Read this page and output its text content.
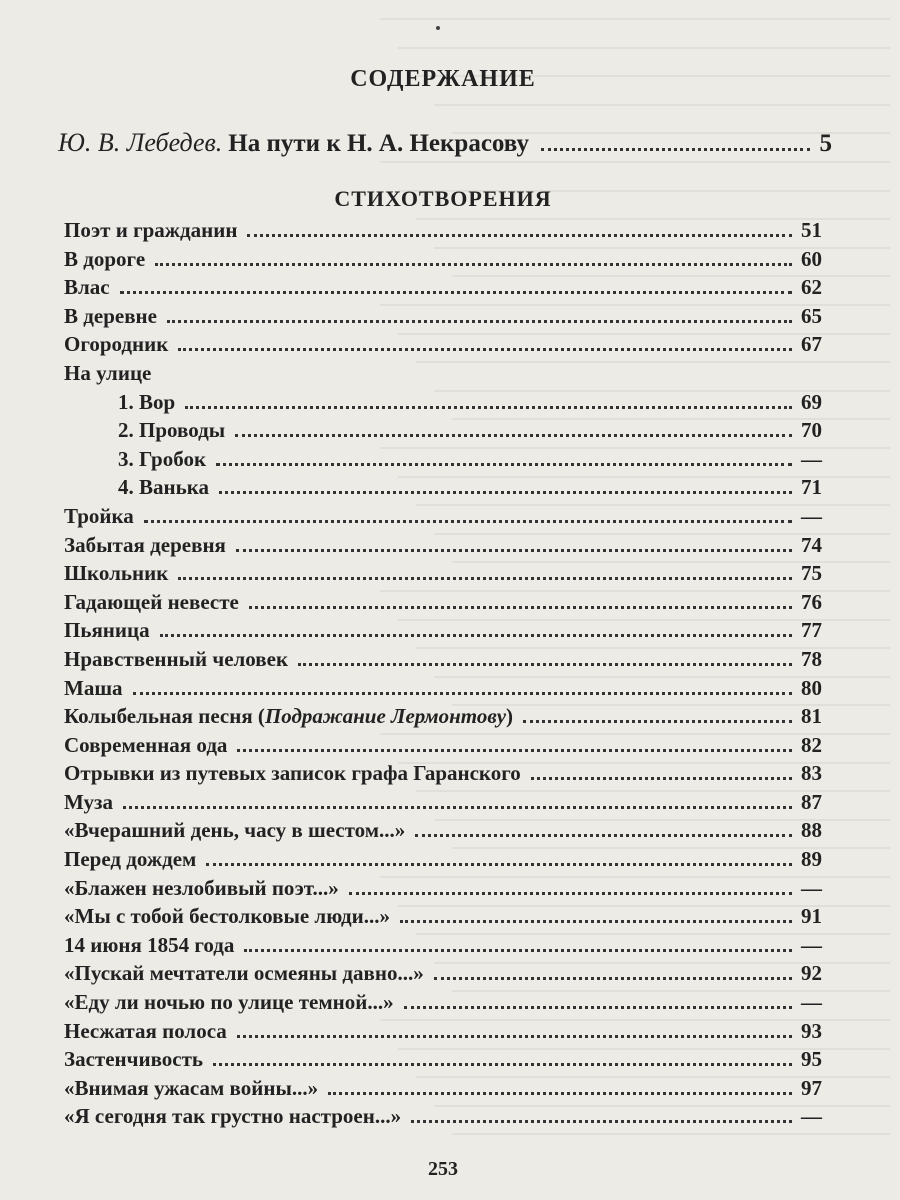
СОДЕРЖАНИЕ
Ю. В. Лебедев. На пути к Н. А. Некрасову	5
СТИХОТВОРЕНИЯ
Поэт и гражданин	51
В дороге	60
Влас	62
В деревне	65
Огородник	67
На улице
1. Вор	69
2. Проводы	70
3. Гробок	—
4. Ванька	71
Тройка	—
Забытая деревня	74
Школьник	75
Гадающей невесте	76
Пьяница	77
Нравственный человек	78
Маша	80
Колыбельная песня (Подражание Лермонтову)	81
Современная ода	82
Отрывки из путевых записок графа Гаранского	83
Муза	87
«Вчерашний день, часу в шестом...»	88
Перед дождем	89
«Блажен незлобивый поэт...»	—
«Мы с тобой бестолковые люди...»	91
14 июня 1854 года	—
«Пускай мечтатели осмеяны давно...»	92
«Еду ли ночью по улице темной...»	—
Несжатая полоса	93
Застенчивость	95
«Внимая ужасам войны...»	97
«Я сегодня так грустно настроен...»	—
253
